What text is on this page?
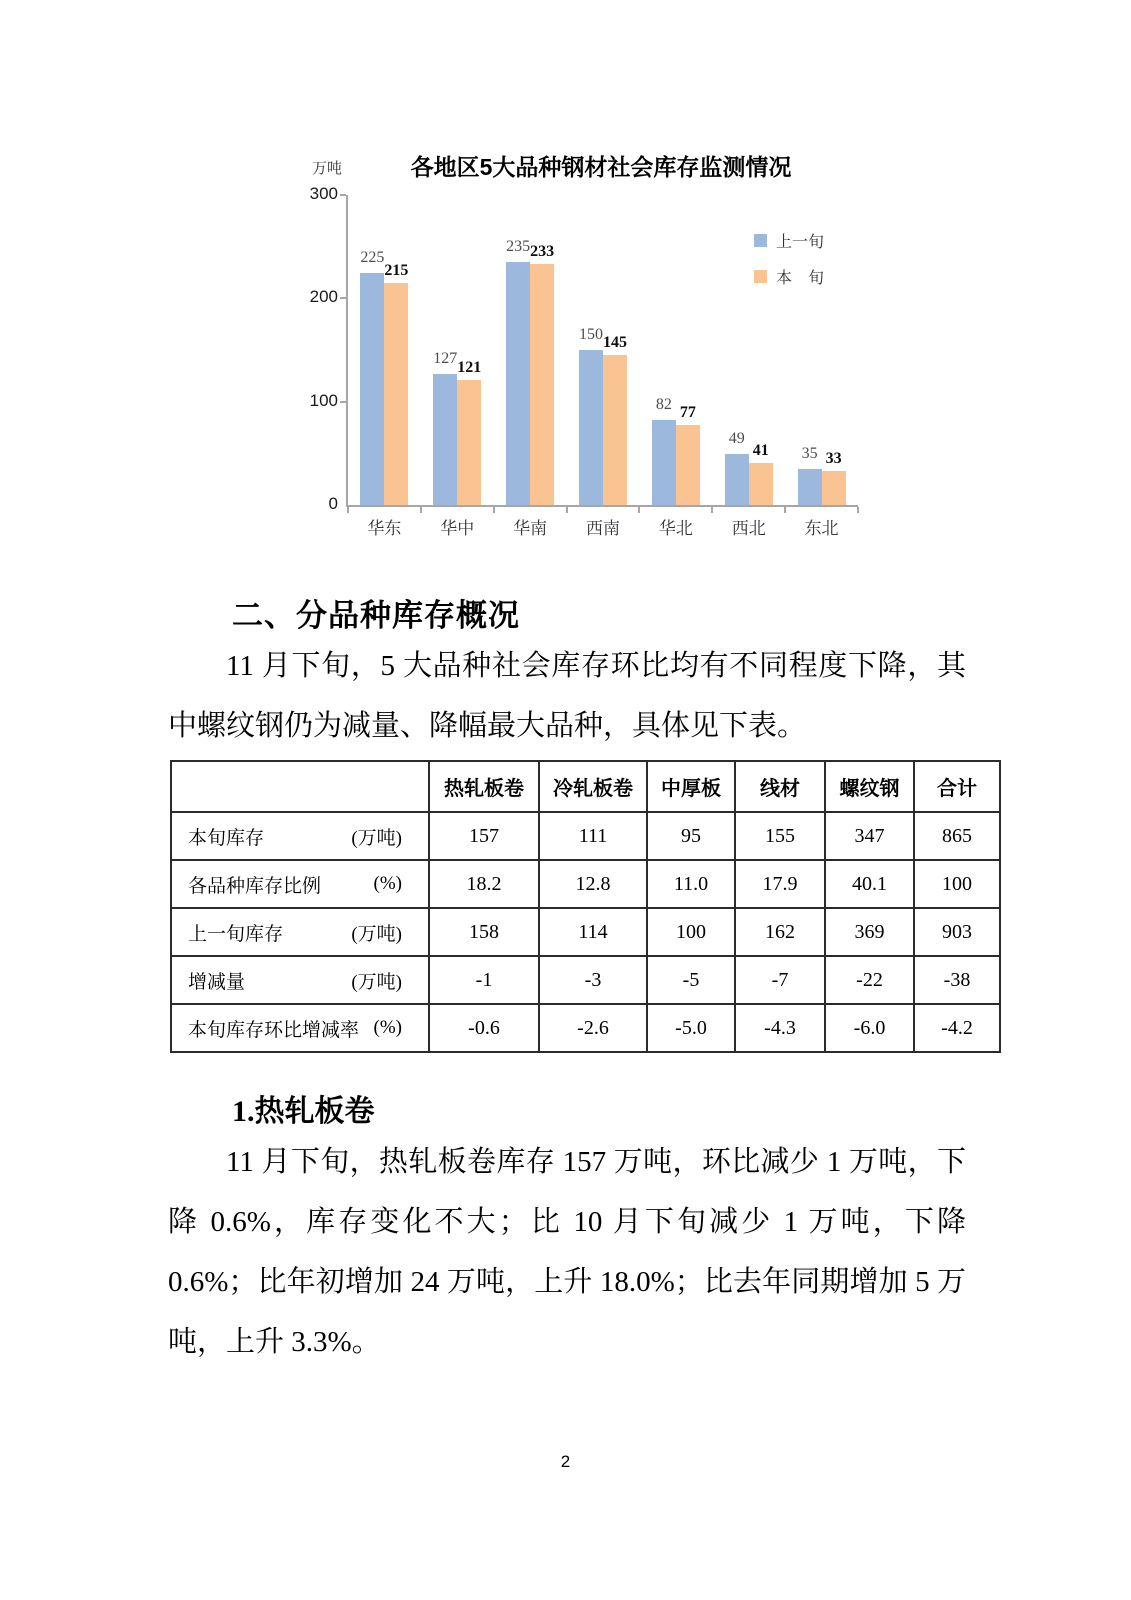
万吨	各地区5大品种钢材社会库存监测情况
上一旬
本　旬
0
100
200
300
225
215
华东
127
121
华中
235 233
华南
150 145
西南
82 77
华北
49
41
西北
35 33
东北
二、分品种库存概况

11 月下旬，5 大品种社会库存环比均有不同程度下降，其中螺纹钢仍为减量、降幅最大品种，具体见下表。

	热轧板卷	冷轧板卷	中厚板	线材	螺纹钢	合计

本旬库存 (万吨)	157	111	95	155	347	865

各品种库存比例 (%)	18.2	12.8	11.0	17.9	40.1	100

上一旬库存 (万吨)	158	114	100	162	369	903

增减量 (万吨)	-1	-3	-5	-7	-22	-38

本旬库存环比增减率 (%)	-0.6	-2.6	-5.0	-4.3	-6.0	-4.2
1.热轧板卷

11 月下旬，热轧板卷库存 157 万吨，环比减少 1 万吨，下降 0.6%，库存变化不大；比 10 月下旬减少 1 万吨，下降 0.6%；比年初增加 24 万吨，上升 18.0%；比去年同期增加 5 万吨，上升 3.3%。

2
